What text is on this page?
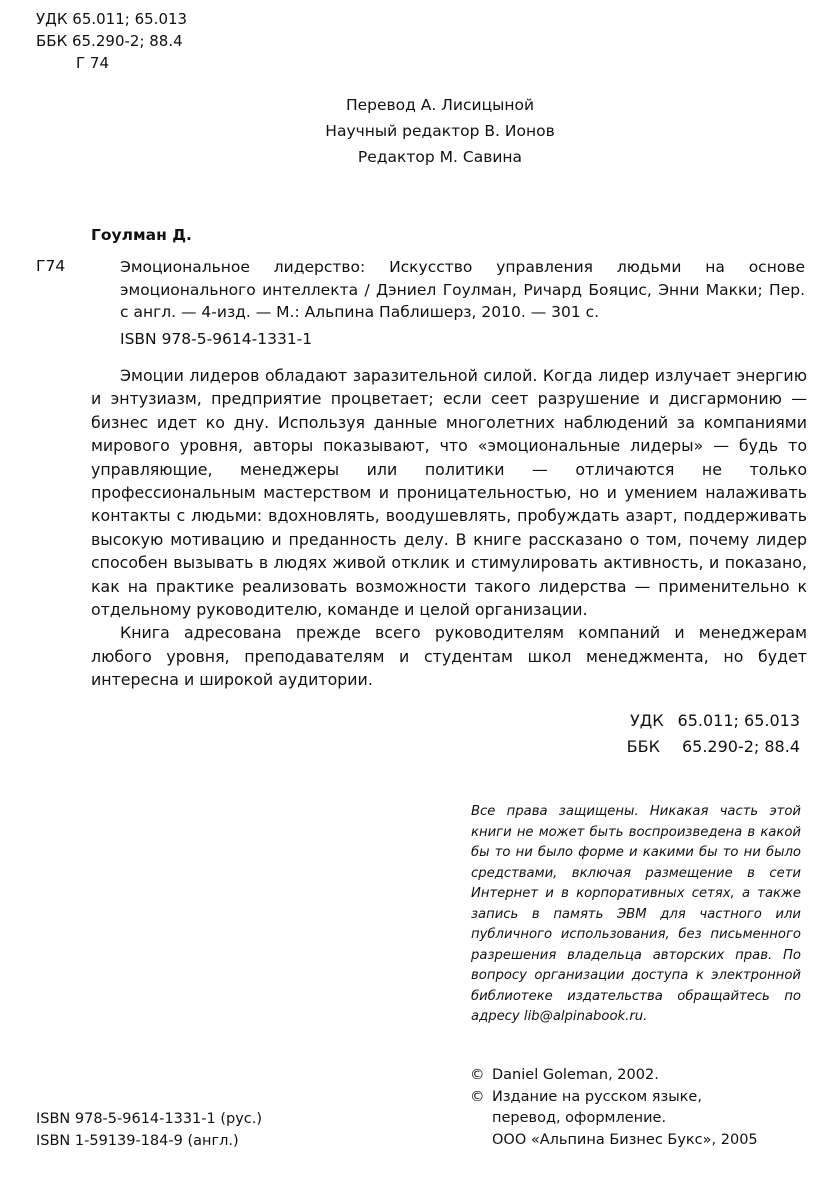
УДК 65.011; 65.013
ББК 65.290-2; 88.4
Г 74
Перевод А. Лисицыной
Научный редактор В. Ионов
Редактор М. Савина
Гоулман Д.
Г74	Эмоциональное лидерство: Искусство управления людьми на основе эмоционального интеллекта / Дэниел Гоулман, Ричард Бояцис, Энни Макки; Пер. с англ. — 4-изд. — М.: Альпина Паблишерз, 2010. — 301 с.
ISBN 978-5-9614-1331-1

Эмоции лидеров обладают заразительной силой. Когда лидер излучает энергию и энтузиазм, предприятие процветает; если сеет разрушение и дисгармонию — бизнес идет ко дну. Используя данные многолетних наблюдений за компаниями мирового уровня, авторы показывают, что «эмоциональные лидеры» — будь то управляющие, менеджеры или политики — отличаются не только профессиональным мастерством и проницательностью, но и умением налаживать контакты с людьми: вдохновлять, воодушевлять, пробуждать азарт, поддерживать высокую мотивацию и преданность делу. В книге рассказано о том, почему лидер способен вызывать в людях живой отклик и стимулировать активность, и показано, как на практике реализовать возможности такого лидерства — применительно к отдельному руководителю, команде и целой организации.

Книга адресована прежде всего руководителям компаний и менеджерам любого уровня, преподавателям и студентам школ менеджмента, но будет интересна и широкой аудитории.

УДК 65.011; 65.013
ББК 65.290-2; 88.4
Все права защищены. Никакая часть этой книги не может быть воспроизведена в какой бы то ни было форме и какими бы то ни было средствами, включая размещение в сети Интернет и в корпоративных сетях, а также запись в память ЭВМ для частного или публичного использования, без письменного разрешения владельца авторских прав. По вопросу организации доступа к электронной библиотеке издательства обращайтесь по адресу lib@alpinabook.ru.
© Daniel Goleman, 2002.
© Издание на русском языке,
перевод, оформление.
ООО «Альпина Бизнес Букс», 2005
ISBN 978-5-9614-1331-1 (рус.)
ISBN 1-59139-184-9 (англ.)
